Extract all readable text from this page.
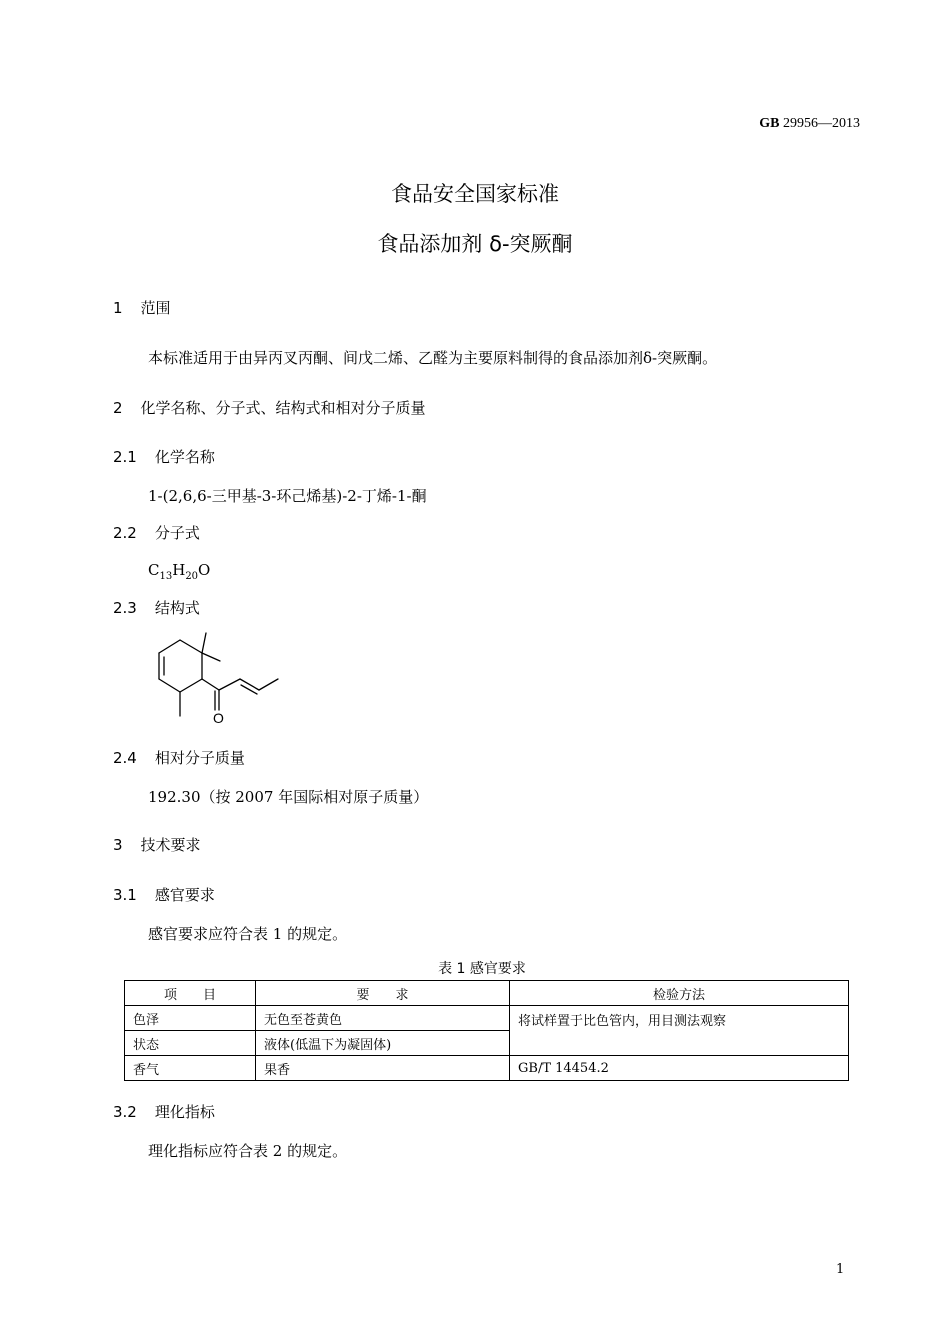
GB 29956—2013
食品安全国家标准
食品添加剂 δ-突厥酮
1 范围
本标准适用于由异丙叉丙酮、间戊二烯、乙醛为主要原料制得的食品添加剂δ-突厥酮。
2 化学名称、分子式、结构式和相对分子质量
2.1 化学名称
1-(2,6,6-三甲基-3-环己烯基)-2-丁烯-1-酮
2.2 分子式
$C_{13}H_{20}O$
2.3 结构式
O
2.4 相对分子质量
192.30（按 2007 年国际相对原子质量）
3 技术要求
3.1 感官要求
感官要求应符合表 1 的规定。
表 1 感官要求
项　　目	要　　求	检验方法
色泽	无色至苍黄色	将试样置于比色管内，用目测法观察
状态	液体(低温下为凝固体)	
香气	果香	GB/T 14454.2
3.2 理化指标
理化指标应符合表 2 的规定。
1
